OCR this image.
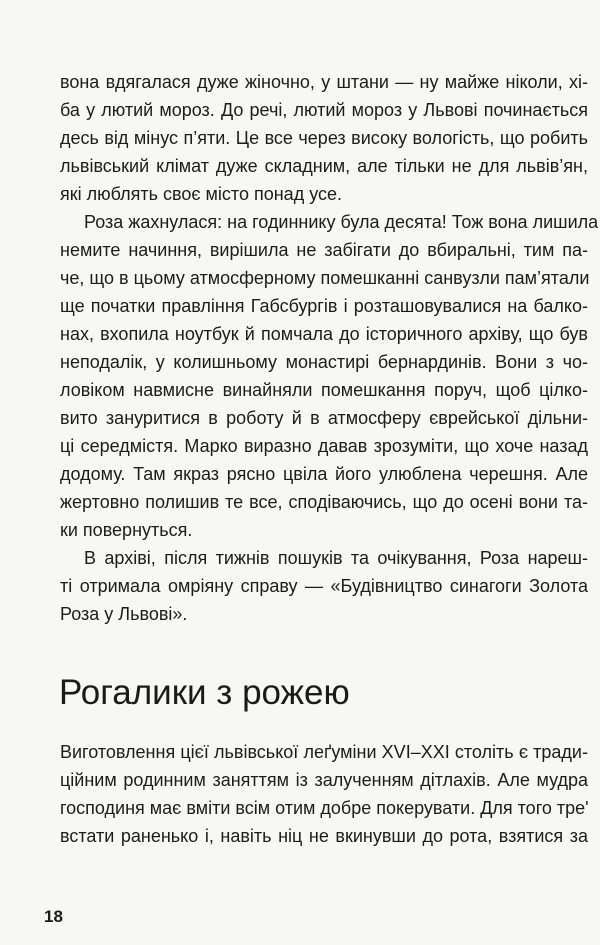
вона вдягалася дуже жіночно, у штани — ну майже ніколи, хі-
ба у лютий мороз. До речі, лютий мороз у Львові починається
десь від мінус п’яти. Це все через високу вологість, що робить
львівський клімат дуже складним, але тільки не для львів’ян,
які люблять своє місто понад усе.
Роза жахнулася: на годиннику була десята! Тож вона лишила
немите начиння, вирішила не забігати до вбиральні, тим па-
че, що в цьому атмосферному помешканні санвузли пам’ятали
ще початки правління Габсбургів і розташовувалися на балко-
нах, вхопила ноутбук й помчала до історичного архіву, що був
неподалік, у колишньому монастирі бернардинів. Вони з чо-
ловіком навмисне винайняли помешкання поруч, щоб цілко-
вито зануритися в роботу й в атмосферу єврейської дільни-
ці середмістя. Марко виразно давав зрозуміти, що хоче назад
додому. Там якраз рясно цвіла його улюблена черешня. Але
жертовно полишив те все, сподіваючись, що до осені вони та-
ки повернуться.
В архіві, після тижнів пошуків та очікування, Роза нареш-
ті отримала омріяну справу — «Будівництво синагоги Золота
Роза у Львові».
Рогалики з рожею
Виготовлення цієї львівської леґуміни XVI–XXI століть є тради-
ційним родинним заняттям із залученням дітлахів. Але мудра
господиня має вміти всім отим добре покерувати. Для того тре'
встати раненько і, навіть ніц не вкинувши до рота, взятися за
18
